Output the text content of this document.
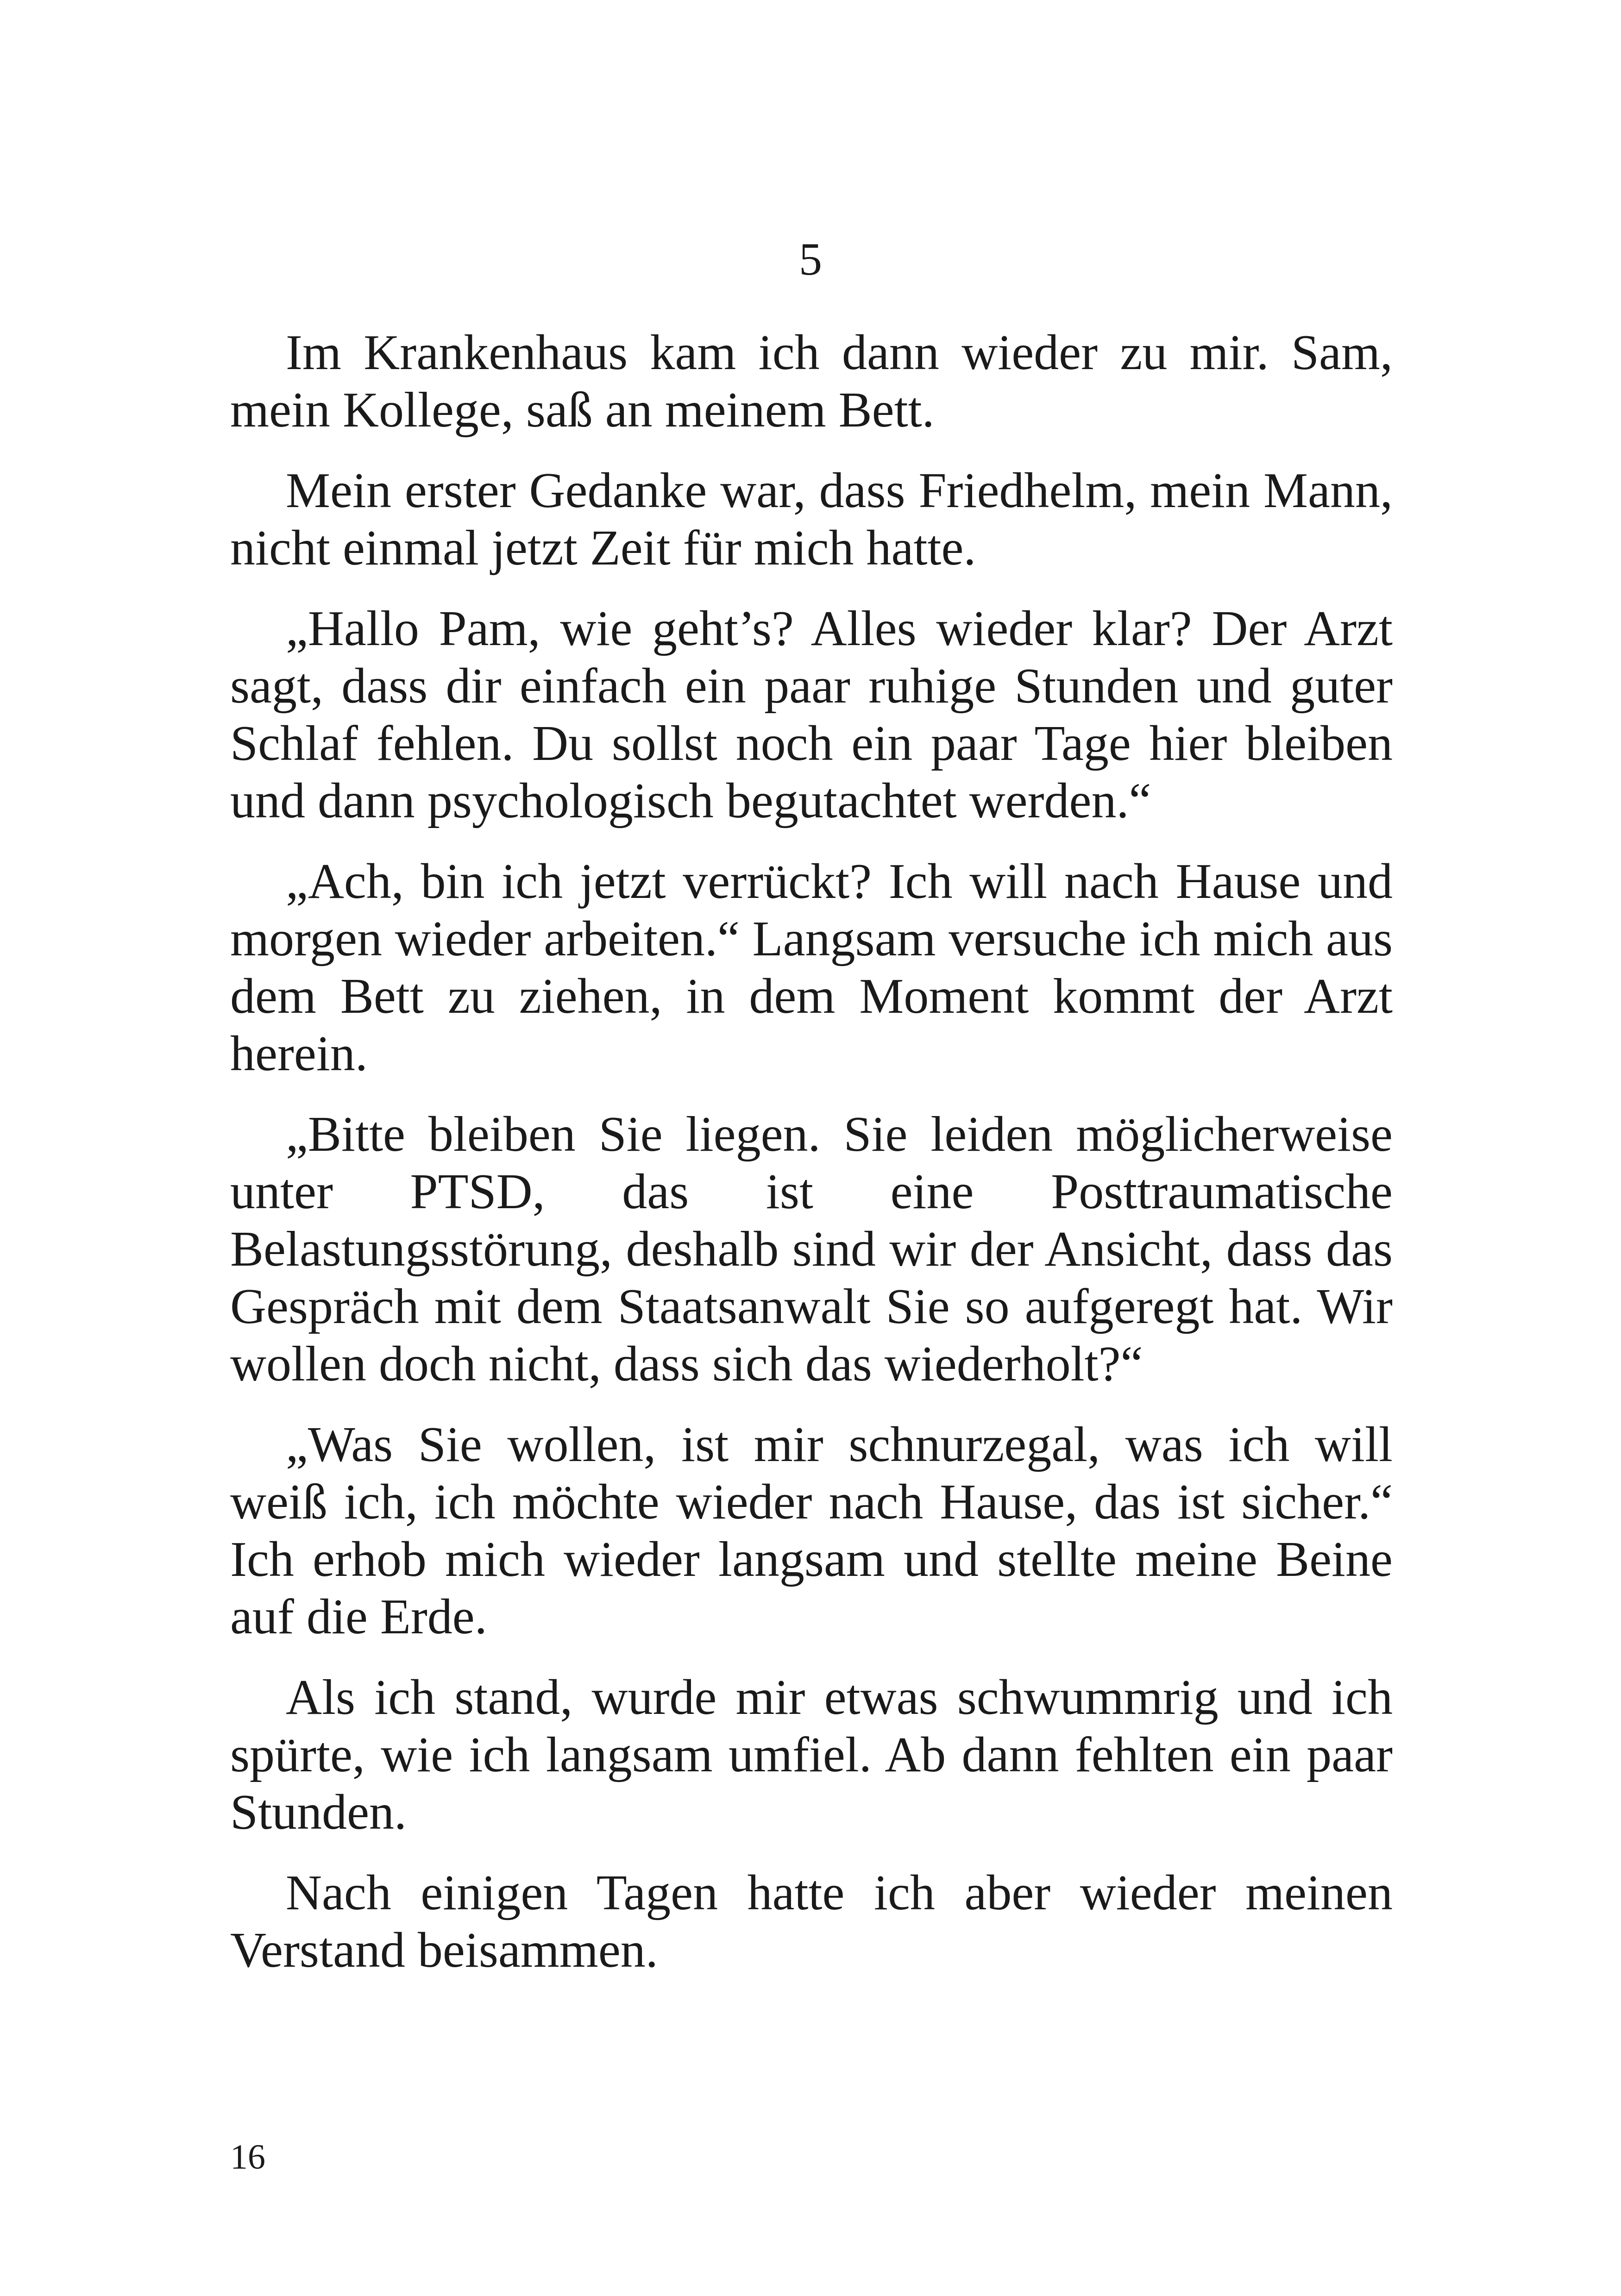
5

Im Krankenhaus kam ich dann wieder zu mir. Sam, mein Kollege, saß an meinem Bett.

Mein erster Gedanke war, dass Friedhelm, mein Mann, nicht einmal jetzt Zeit für mich hatte.

„Hallo Pam, wie geht’s? Alles wieder klar? Der Arzt sagt, dass dir einfach ein paar ruhige Stunden und guter Schlaf fehlen. Du sollst noch ein paar Tage hier bleiben und dann psychologisch begutachtet werden.“

„Ach, bin ich jetzt verrückt? Ich will nach Hause und morgen wieder arbeiten.“ Langsam versuche ich mich aus dem Bett zu ziehen, in dem Moment kommt der Arzt herein.

„Bitte bleiben Sie liegen. Sie leiden möglicherweise unter PTSD, das ist eine Posttraumatische Belastungsstörung, deshalb sind wir der Ansicht, dass das Gespräch mit dem Staatsanwalt Sie so aufgeregt hat. Wir wollen doch nicht, dass sich das wiederholt?“

„Was Sie wollen, ist mir schnurzegal, was ich will weiß ich, ich möchte wieder nach Hause, das ist sicher.“ Ich erhob mich wieder langsam und stellte meine Beine auf die Erde.

Als ich stand, wurde mir etwas schwummrig und ich spürte, wie ich langsam umfiel. Ab dann fehlten ein paar Stunden.

Nach einigen Tagen hatte ich aber wieder meinen Verstand beisammen.

16
